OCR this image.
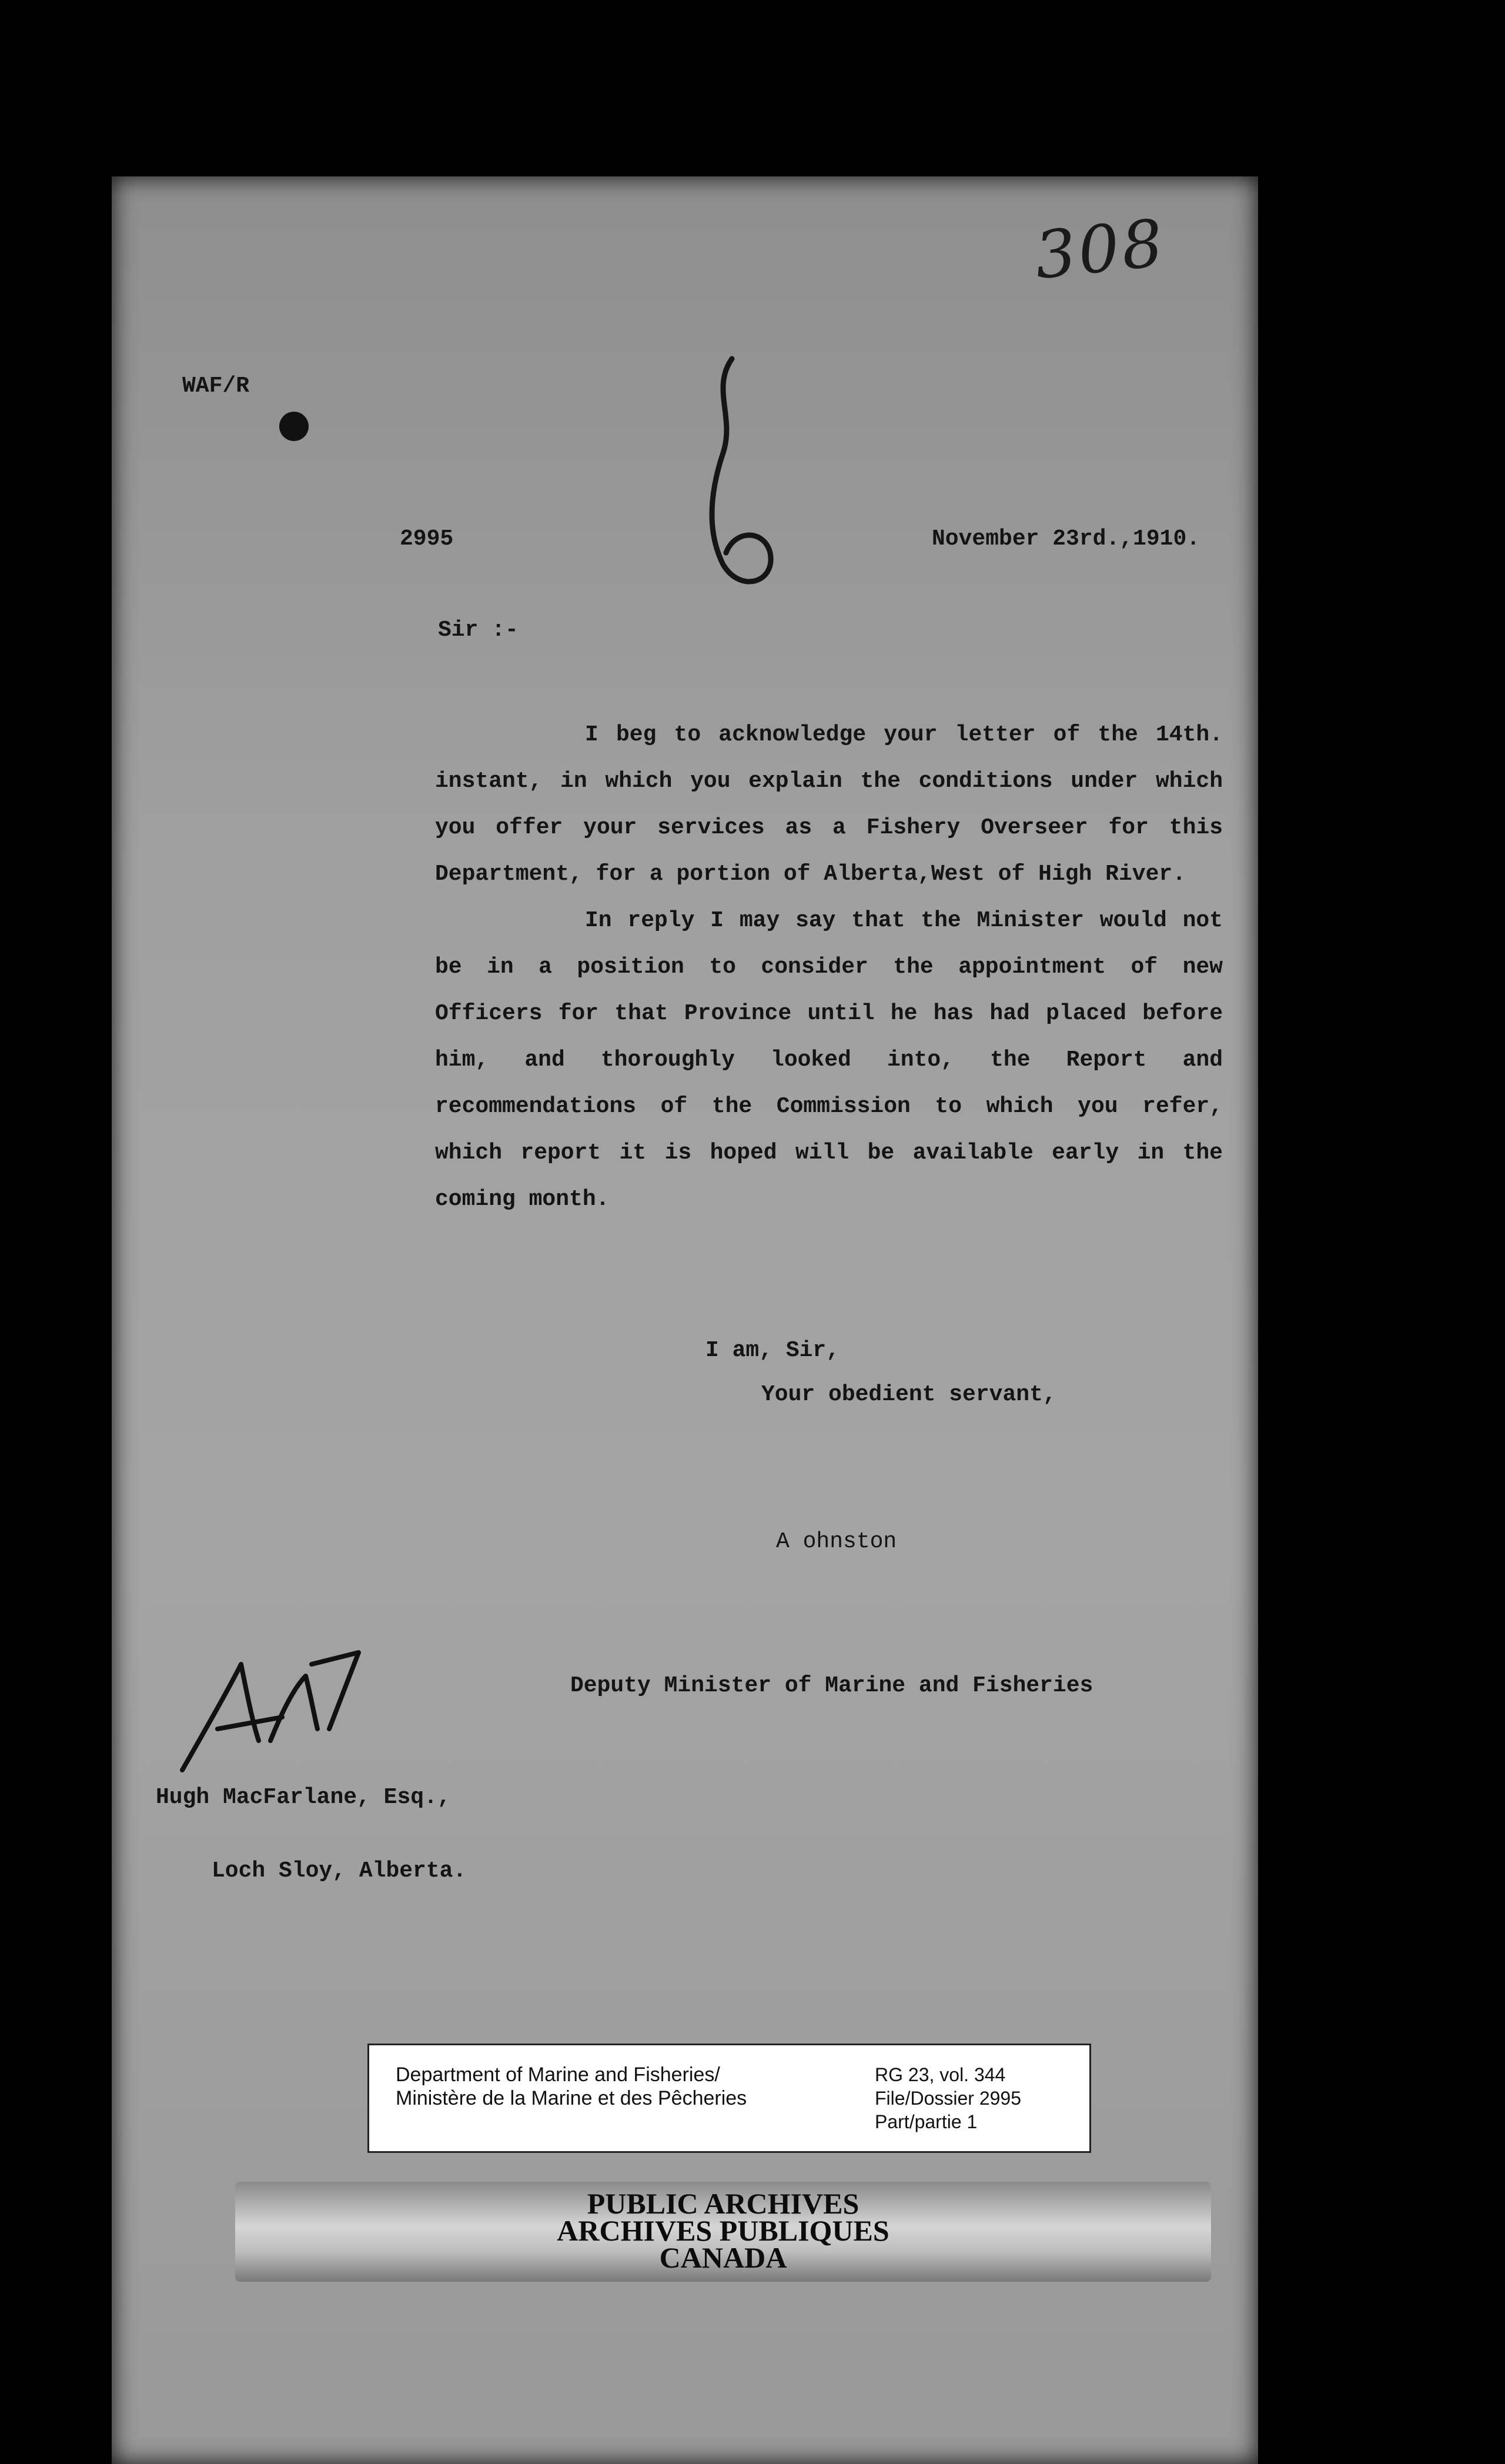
308
WAF/R
2995	November 23rd.,1910.
Sir :-

I beg to acknowledge your letter of the 14th. instant, in which you explain the conditions under which you offer your services as a Fishery Overseer for this Department, for a portion of Alberta,West of High River.

In reply I may say that the Minister would not be in a position to consider the appointment of new Officers for that Province until he has had placed before him, and thoroughly looked into, the Report and recommendations of the Commission to which you refer, which report it is hoped will be available early in the coming month.

I am, Sir,
Your obedient servant,
A ohnston
Deputy Minister of Marine and Fisheries
Hugh MacFarlane, Esq.,
Loch Sloy, Alberta.
Department of Marine and Fisheries/
Ministère de la Marine et des Pêcheries
RG 23, vol. 344
File/Dossier 2995
Part/partie 1
PUBLIC ARCHIVES
ARCHIVES PUBLIQUES
CANADA
